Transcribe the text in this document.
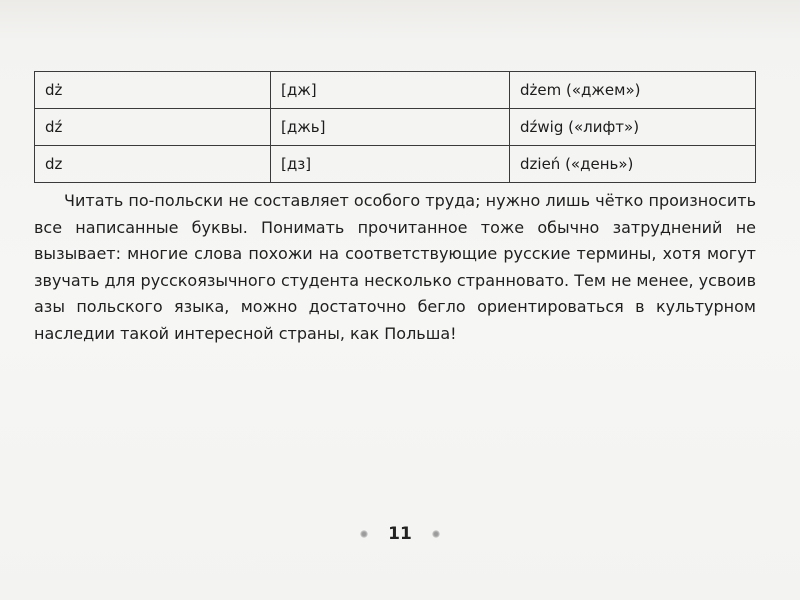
dż	[дж]	dżem («джем»)
dź	[джь]	dźwig («лифт»)
dz	[дз]	dzień («день»)

Читать по-польски не составляет особого труда; нужно лишь чётко произносить все написанные буквы. Понимать прочитанное тоже обычно затруднений не вызывает: многие слова похожи на соответствующие русские термины, хотя могут звучать для русскоязычного студента несколько странновато. Тем не менее, усвоив азы польского языка, можно достаточно бегло ориентироваться в культурном наследии такой интересной страны, как Польша!

11
